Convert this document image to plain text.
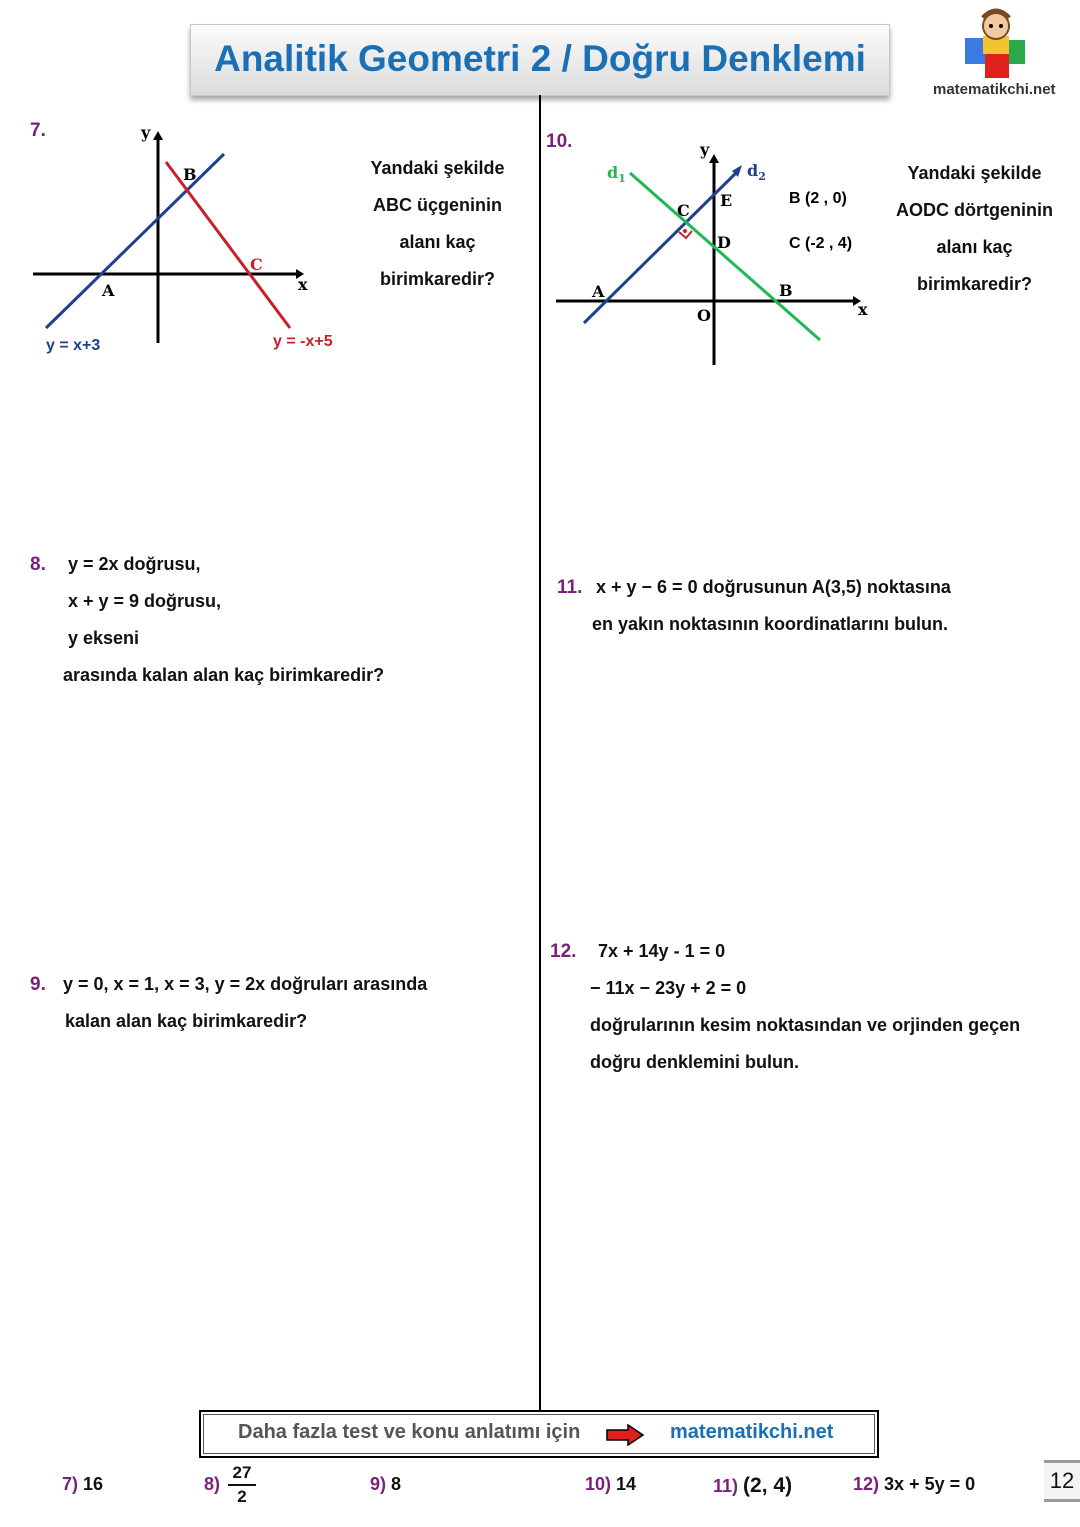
Analitik Geometri 2 / Doğru Denklemi
matematikchi.net
7.	y
x
A
B
C
y = x+3	y = -x+5
Yandaki şekilde
ABC üçgeninin
alanı kaç
birimkaredir?
10.	y
x
$d_1$	$d_2$
A	B
C
D
E
O
B (2 , 0)
C (-2 , 4)
Yandaki şekilde
AODC dörtgeninin
alanı kaç
birimkaredir?
8. y = 2x doğrusu,
x + y = 9 doğrusu,
y ekseni
arasında kalan alan kaç birimkaredir?
11. x + y − 6 = 0 doğrusunun A(3,5) noktasına
en yakın noktasının koordinatlarını bulun.
9. y = 0, x = 1, x = 3, y = 2x doğruları arasında
kalan alan kaç birimkaredir?
12. 7x + 14y - 1 = 0
− 11x − 23y + 2 = 0
doğrularının kesim noktasından ve orjinden geçen
doğru denklemini bulun.
Daha fazla test ve konu anlatımı için	matematikchi.net
7) 16	8)
27
2
9) 8	10) 14	11) (2, 4)	12) 3x + 5y = 0	12
